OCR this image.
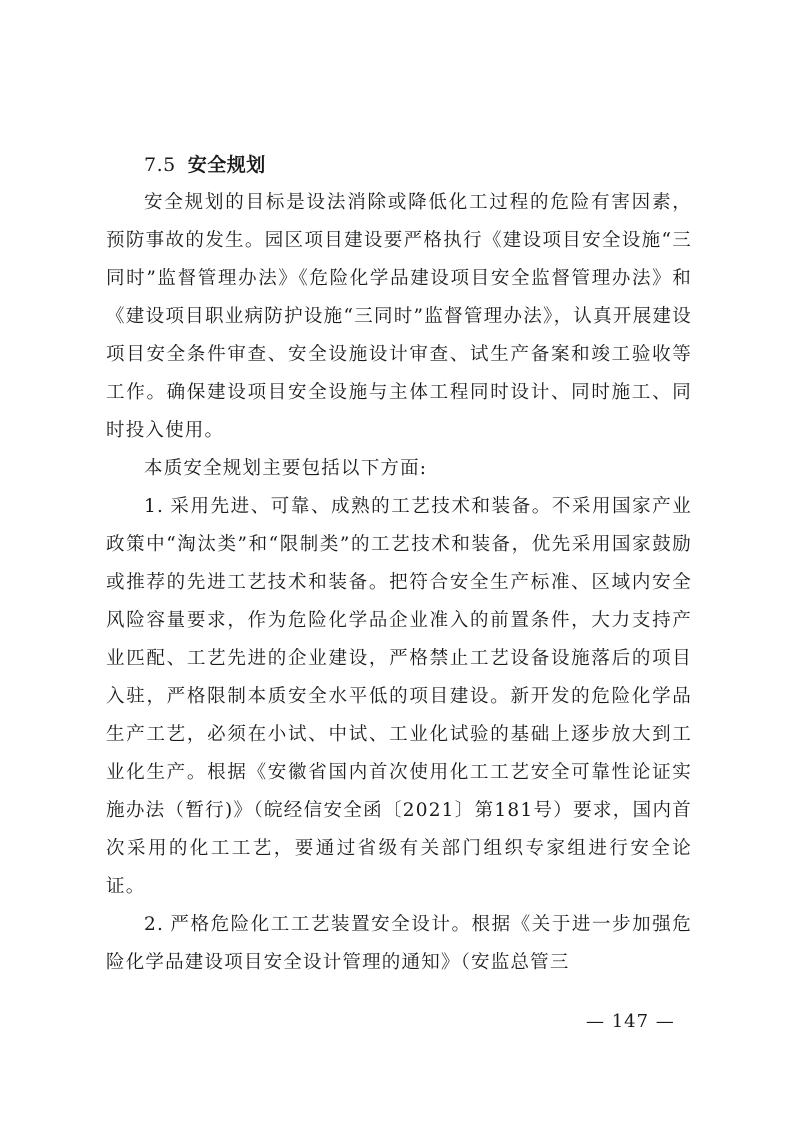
7.5 安全规划

安全规划的目标是设法消除或降低化工过程的危险有害因素，预防事故的发生。园区项目建设要严格执行《建设项目安全设施“三同时”监督管理办法》《危险化学品建设项目安全监督管理办法》和《建设项目职业病防护设施“三同时”监督管理办法》，认真开展建设项目安全条件审查、安全设施设计审查、试生产备案和竣工验收等工作。确保建设项目安全设施与主体工程同时设计、同时施工、同时投入使用。

本质安全规划主要包括以下方面:

1. 采用先进、可靠、成熟的工艺技术和装备。不采用国家产业政策中“淘汰类”和“限制类”的工艺技术和装备，优先采用国家鼓励或推荐的先进工艺技术和装备。把符合安全生产标准、区域内安全风险容量要求，作为危险化学品企业准入的前置条件，大力支持产业匹配、工艺先进的企业建设，严格禁止工艺设备设施落后的项目入驻，严格限制本质安全水平低的项目建设。新开发的危险化学品生产工艺，必须在小试、中试、工业化试验的基础上逐步放大到工业化生产。根据《安徽省国内首次使用化工工艺安全可靠性论证实施办法（暂行)》（皖经信安全函〔2021〕第181号）要求，国内首次采用的化工工艺，要通过省级有关部门组织专家组进行安全论证。

2. 严格危险化工工艺装置安全设计。根据《关于进一步加强危险化学品建设项目安全设计管理的通知》（安监总管三

— 147 —
